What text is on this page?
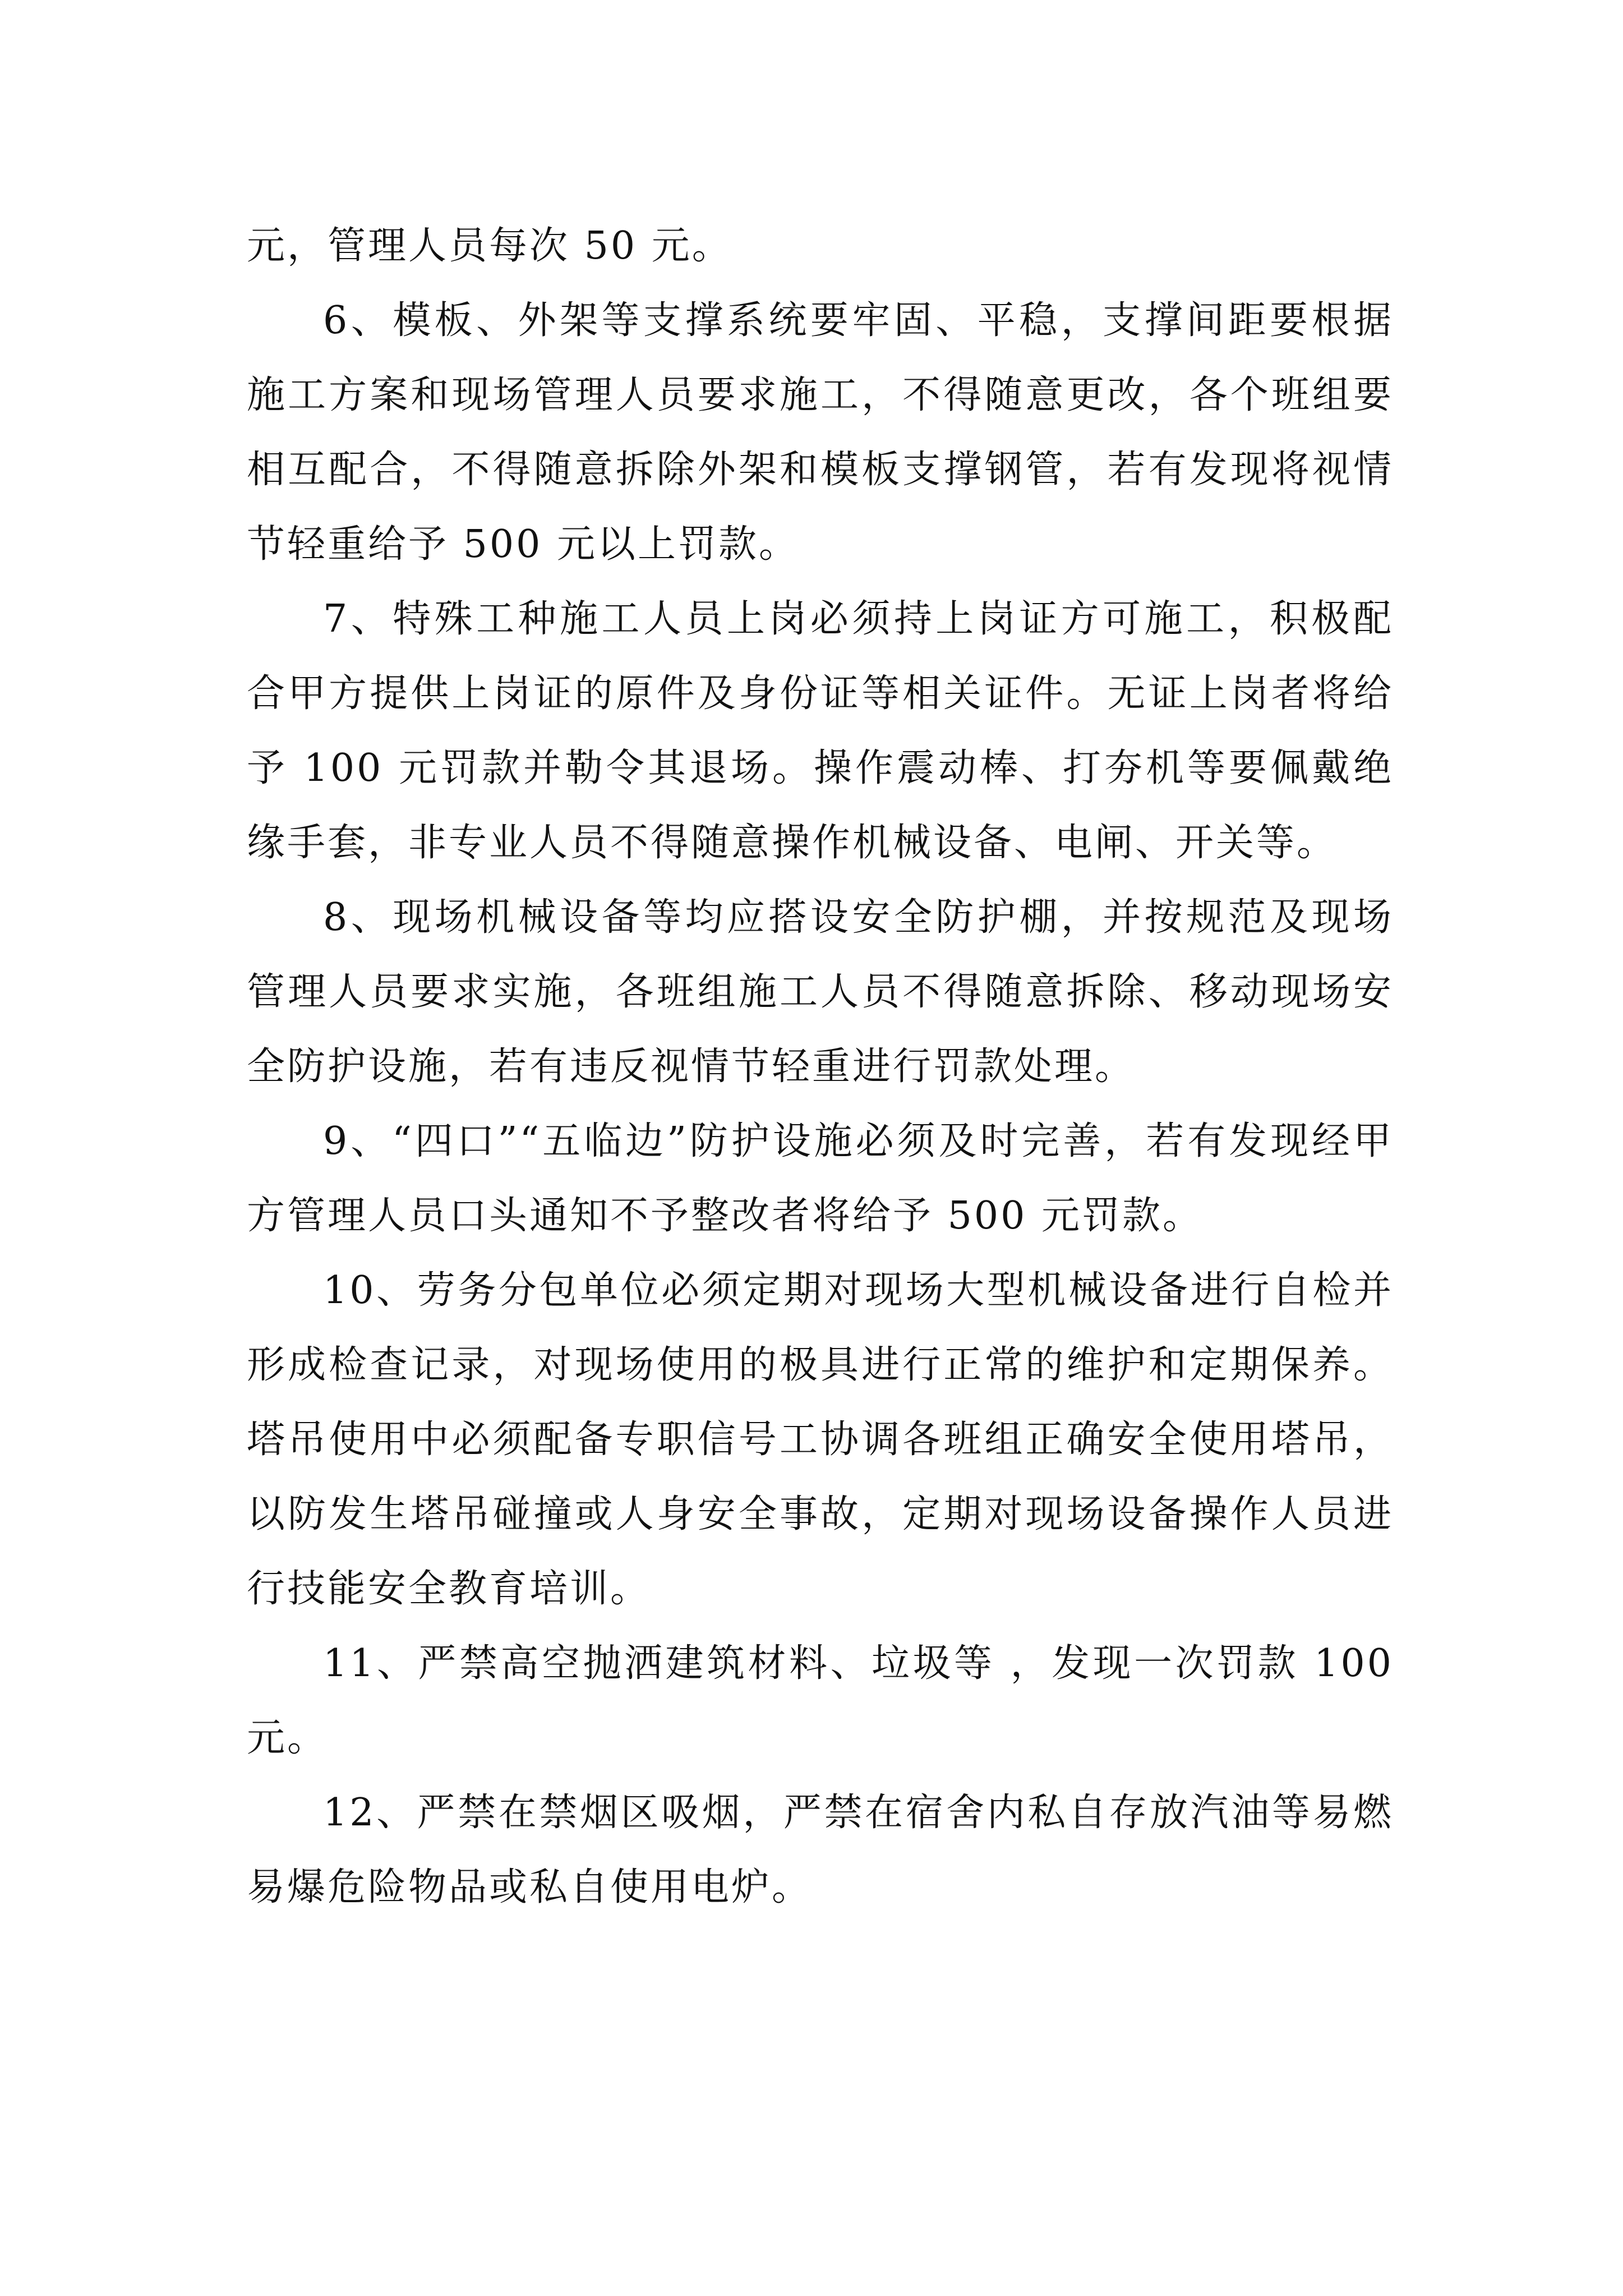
元，管理人员每次 50 元。

6、模板、外架等支撑系统要牢固、平稳，支撑间距要根据施工方案和现场管理人员要求施工，不得随意更改，各个班组要相互配合，不得随意拆除外架和模板支撑钢管，若有发现将视情节轻重给予 500 元以上罚款。

7、特殊工种施工人员上岗必须持上岗证方可施工，积极配合甲方提供上岗证的原件及身份证等相关证件。无证上岗者将给予 100 元罚款并勒令其退场。操作震动棒、打夯机等要佩戴绝缘手套，非专业人员不得随意操作机械设备、电闸、开关等。

8、现场机械设备等均应搭设安全防护棚，并按规范及现场管理人员要求实施，各班组施工人员不得随意拆除、移动现场安全防护设施，若有违反视情节轻重进行罚款处理。

9、“四口”“五临边”防护设施必须及时完善，若有发现经甲方管理人员口头通知不予整改者将给予 500 元罚款。

10、劳务分包单位必须定期对现场大型机械设备进行自检并形成检查记录，对现场使用的极具进行正常的维护和定期保养。塔吊使用中必须配备专职信号工协调各班组正确安全使用塔吊，以防发生塔吊碰撞或人身安全事故，定期对现场设备操作人员进行技能安全教育培训。

11、严禁高空抛洒建筑材料、垃圾等 ，发现一次罚款 100 元。

12、严禁在禁烟区吸烟，严禁在宿舍内私自存放汽油等易燃易爆危险物品或私自使用电炉。
